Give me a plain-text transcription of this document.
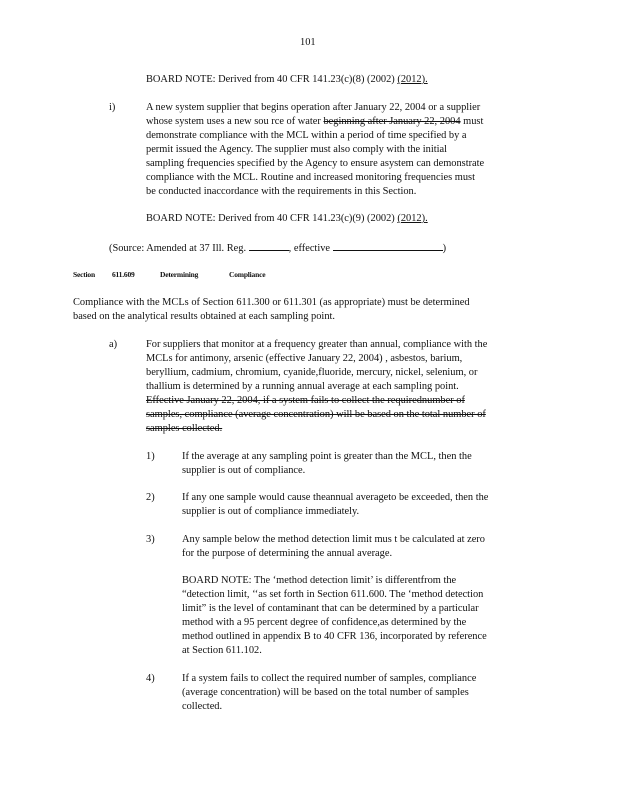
101
BOARD NOTE: Derived from 40 CFR 141.23(c)(8) (2002) (2012).
i)	A new system supplier that begins operation after January 22, 2004 or a supplier
whose system uses a new sou rce of water beginning after January 22, 2004 must
demonstrate compliance with the MCL within a period of time specified by a
permit issued the Agency. The supplier must also comply with the initial
sampling frequencies specified by the Agency to ensure asystem can demonstrate
compliance with the MCL. Routine and increased monitoring frequencies must
be conducted inaccordance with the requirements in this Section.
BOARD NOTE: Derived from 40 CFR 141.23(c)(9) (2002) (2012).
(Source: Amended at 37 Ill. Reg.	, effective	)
Section 611.609	Determining	Compliance
Compliance with the MCLs of Section 611.300 or 611.301 (as appropriate) must be determined
based on the analytical results obtained at each sampling point.
a)	For suppliers that monitor at a frequency greater than annual, compliance with the
MCLs for antimony, arsenic (effective January 22, 2004) , asbestos, barium,
beryllium, cadmium, chromium, cyanide,fluoride, mercury, nickel, selenium, or
thallium is determined by a running annual average at each sampling point.
Effective January 22, 2004, if a system fails to collect the requirednumber of
samples, compliance (average concentration) will be based on the total number of
samples collected.
1)	If the average at any sampling point is greater than the MCL, then the
supplier is out of compliance.
2)	If any one sample would cause theannual averageto be exceeded, then the
supplier is out of compliance immediately.
3)	Any sample below the method detection limit mus t be calculated at zero
for the purpose of determining the annual average.
BOARD NOTE: The ‘method detection limit’ is differentfrom the
“detection limit, ‘‘as set forth in Section 611.600. The ‘method detection
limit” is the level of contaminant that can be determined by a particular
method with a 95 percent degree of confidence,as determined by the
method outlined in appendix B to 40 CFR 136, incorporated by reference
at Section 611.102.
4)	If a system fails to collect the required number of samples, compliance
(average concentration) will be based on the total number of samples
collected.
